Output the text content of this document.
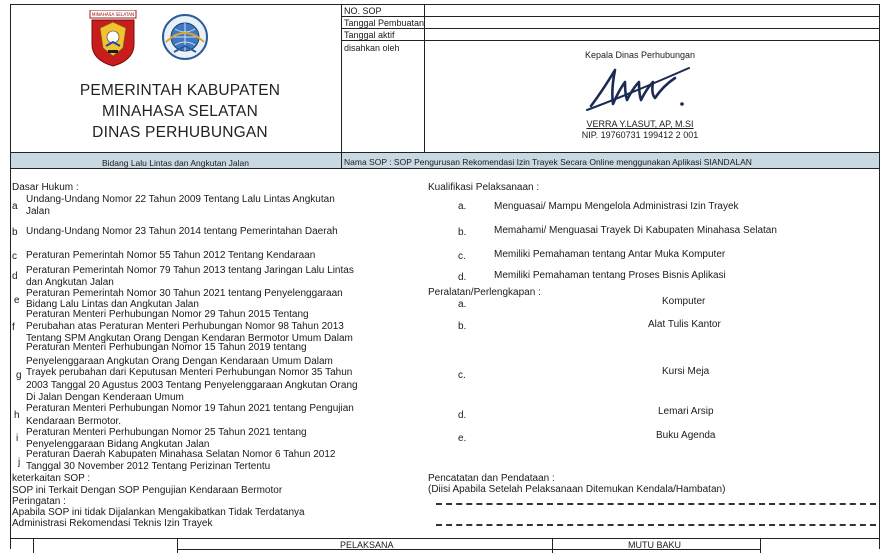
MINAHASA SELATAN
PEMERINTAH KABUPATEN
MINAHASA SELATAN
DINAS PERHUBUNGAN
NO. SOP
Tanggal Pembuatan
Tanggal aktif
disahkan oleh
Kepala Dinas Perhubungan
VERRA Y.LASUT, AP, M.SI
NIP. 19760731 199412 2 001
Bidang Lalu Lintas dan Angkutan Jalan	Nama SOP : SOP Pengurusan Rekomendasi Izin Trayek Secara Online menggunakan Aplikasi SIANDALAN
Dasar Hukum :
a
Undang-Undang Nomor 22 Tahun 2009 Tentang Lalu Lintas Angkutan
Jalan
b Undang-Undang Nomor 23 Tahun 2014 tentang Pemerintahan Daerah
c Peraturan Pemerintah Nomor 55 Tahun 2012 Tentang Kendaraan
d
Peraturan Pemerintah Nomor 79 Tahun 2013 tentang Jaringan Lalu Lintas
dan Angkutan Jalan
e
Peraturan Pemerintah Nomor 30 Tahun 2021 tentang Penyelenggaraan
Bidang Lalu Lintas dan Angkutan Jalan
Peraturan Menteri Perhubungan Nomor 29 Tahun 2015 Tentang
f Perubahan atas Peraturan Menteri Perhubungan Nomor 98 Tahun 2013
Tentang SPM Angkutan Orang Dengan Kendaran Bermotor Umum Dalam
Peraturan Menteri Perhubungan Nomor 15 Tahun 2019 tentang
Penyelenggaraan Angkutan Orang Dengan Kendaraan Umum Dalam
g Trayek perubahan dari Keputusan Menteri Perhubungan Nomor 35 Tahun
2003 Tanggal 20 Agustus 2003 Tentang Penyelenggaraan Angkutan Orang
Di Jalan Dengan Kenderaan Umum
h
Peraturan Menteri Perhubungan Nomor 19 Tahun 2021 tentang Pengujian
Kendaraan Bermotor.
i
Peraturan Menteri Perhubungan Nomor 25 Tahun 2021 tentang
Penyelenggaraan Bidang Angkutan Jalan
Peraturan Daerah Kabupaten Minahasa Selatan Nomor 6 Tahun 2012
j Tanggal 30 November 2012 Tentang Perizinan Tertentu
keterkaitan SOP :
SOP ini Terkait Dengan SOP Pengujian Kendaraan Bermotor
Peringatan :
Apabila SOP ini tidak Dijalankan Mengakibatkan Tidak Terdatanya
Administrasi Rekomendasi Teknis Izin Trayek
Kualifikasi Pelaksanaan :
a.	Menguasai/ Mampu Mengelola Administrasi Izin Trayek
b.	Memahami/ Menguasai Trayek Di Kabupaten Minahasa Selatan
c.	Memiliki Pemahaman tentang Antar Muka Komputer
d.	Memiliki Pemahaman tentang Proses Bisnis Aplikasi
Peralatan/Perlengkapan :
a.	Komputer
b.	Alat Tulis Kantor
c.	Kursi Meja
d.	Lemari Arsip
e.	Buku Agenda
Pencatatan dan Pendataan :
(Diisi Apabila Setelah Pelaksanaan Ditemukan Kendala/Hambatan)
PELAKSANA	MUTU BAKU
